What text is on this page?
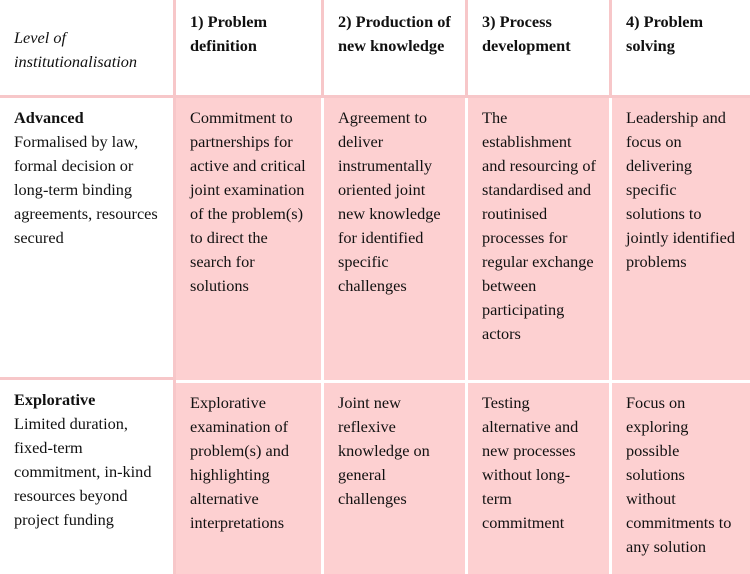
Level of institutionalisation
1) Problem definition
2) Production of new knowledge
3) Process development
4) Problem solving
Advanced
Formalised by law, formal decision or long-term binding agreements, resources secured
Commitment to partnerships for active and critical joint examination of the problem(s) to direct the search for solutions
Agreement to deliver instrumentally oriented joint new knowledge for identified specific challenges
The establishment and resourcing of standardised and routinised processes for regular exchange between participating actors
Leadership and focus on delivering specific solutions to jointly identified problems
Explorative
Limited duration, fixed-term commitment, in-kind resources beyond project funding
Explorative examination of problem(s) and highlighting alternative interpretations
Joint new reflexive knowledge on general challenges
Testing alternative and new processes without long-term commitment
Focus on exploring possible solutions without commitments to any solution
